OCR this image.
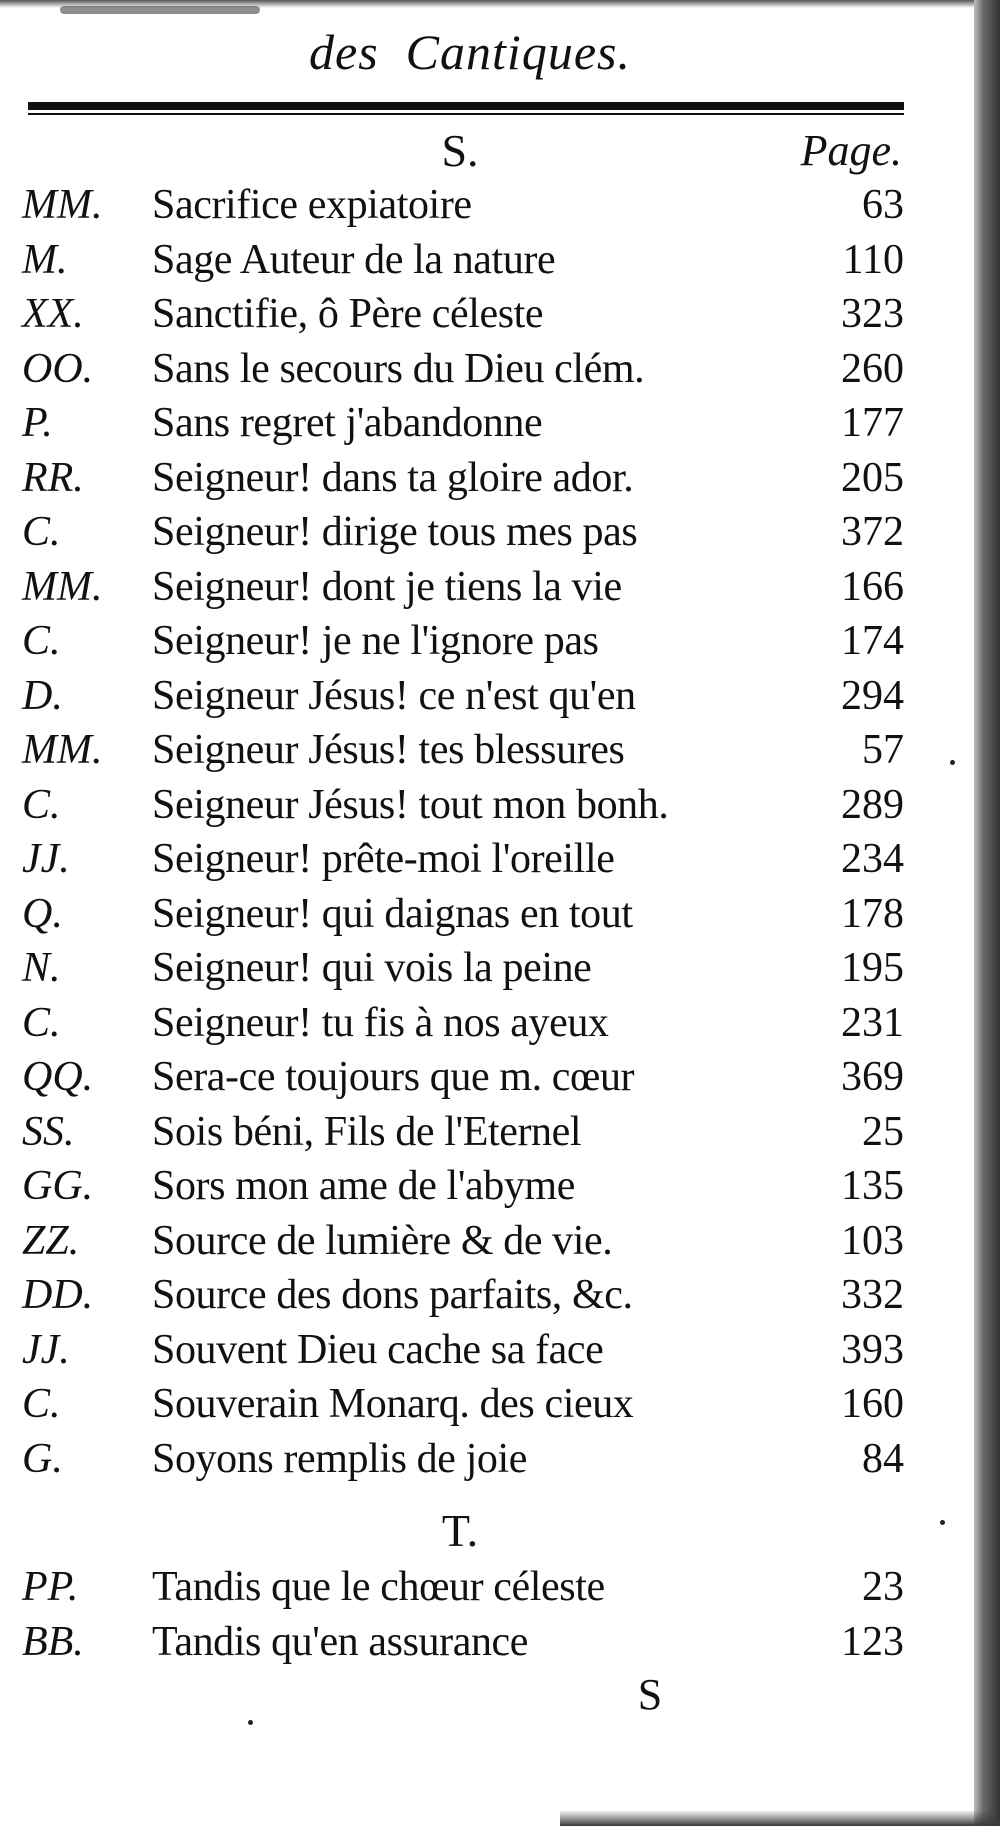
des  Cantiques.
S.	Page.
MM.	Sacrifice expiatoire	63
M.	Sage Auteur de la nature	110
XX.	Sanctifie, ô Père céleste	323
OO.	Sans le secours du Dieu clém.	260
P.	Sans regret j'abandonne	177
RR.	Seigneur! dans ta gloire ador.	205
C.	Seigneur! dirige tous mes pas	372
MM.	Seigneur! dont je tiens la vie	166
C.	Seigneur! je ne l'ignore pas	174
D.	Seigneur Jésus! ce n'est qu'en	294
MM.	Seigneur Jésus! tes blessures	57
C.	Seigneur Jésus! tout mon bonh.	289
JJ.	Seigneur! prête-moi l'oreille	234
Q.	Seigneur! qui daignas en tout	178
N.	Seigneur! qui vois la peine	195
C.	Seigneur! tu fis à nos ayeux	231
QQ.	Sera-ce toujours que m. cœur	369
SS.	Sois béni, Fils de l'Eternel	25
GG.	Sors mon ame de l'abyme	135
ZZ.	Source de lumière & de vie.	103
DD.	Source des dons parfaits, &c.	332
JJ.	Souvent Dieu cache sa face	393
C.	Souverain Monarq. des cieux	160
G.	Soyons remplis de joie	84
T.
PP.	Tandis que le chœur céleste	23
BB.	Tandis qu'en assurance	123
S
